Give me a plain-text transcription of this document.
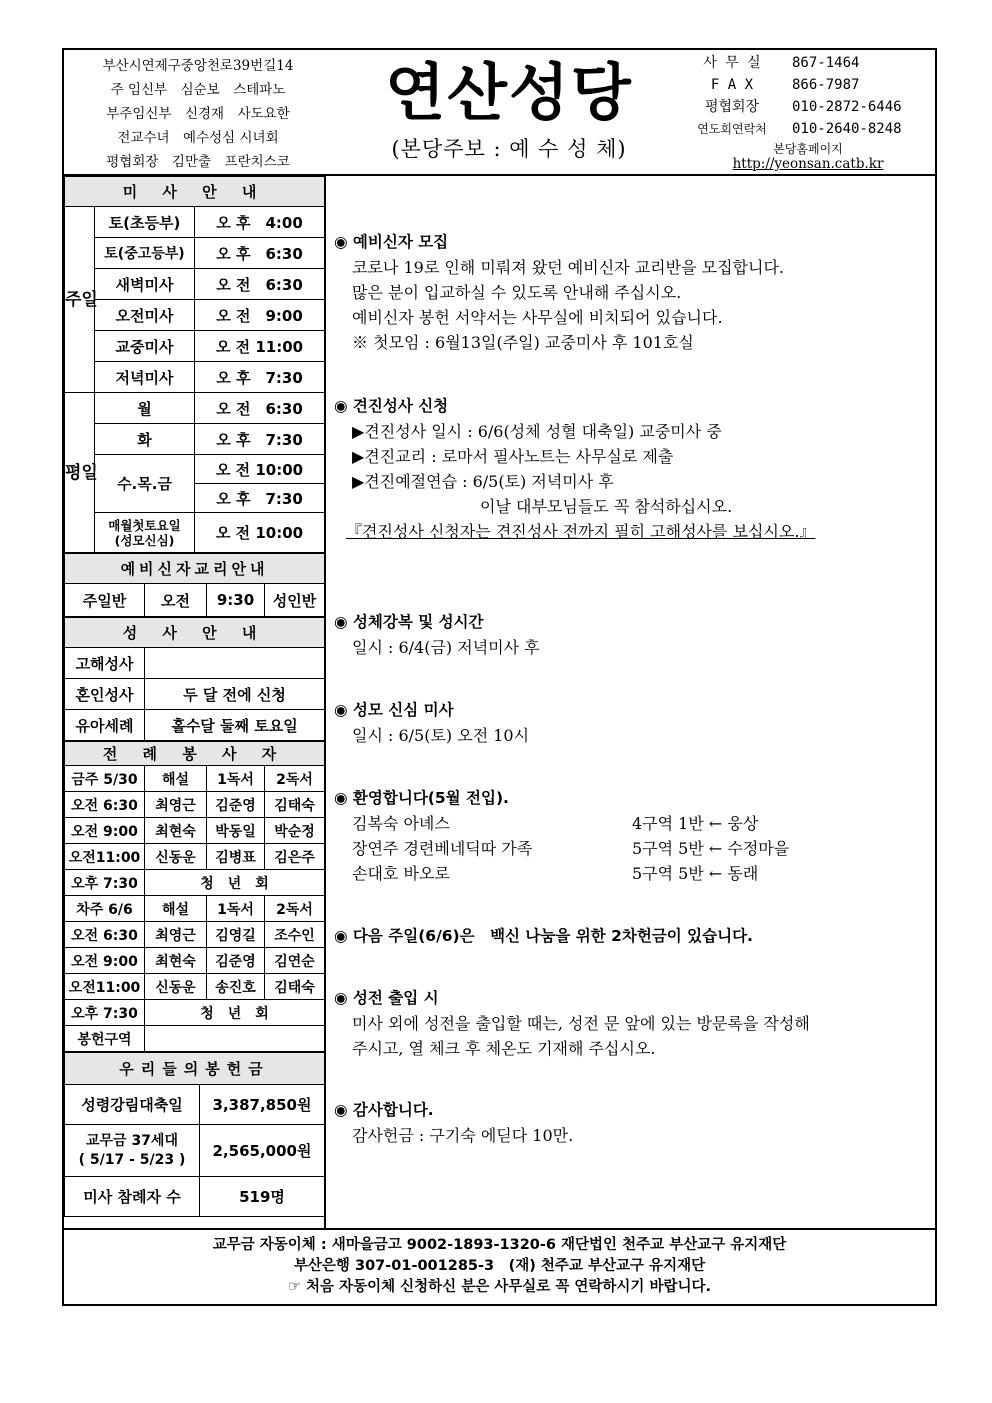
부산시연제구중앙천로39번길14
주 임신부　심순보　스테파노
부주임신부　신경재　사도요한
전교수녀　예수성심 시녀회
평협회장　김만출　프란치스코
연산성당
(본당주보 : 예 수 성 체)
사 무 실	867-1464
F A X	866-7987
평협회장	010-2872-6446
연도회연락처	010-2640-8248
본당홈페이지
http://yeonsan.catb.kr
미 사 안 내		
주일	토(초등부)	오 후　4:00
	토(중고등부)	오 후　6:30
	새벽미사	오 전　6:30
	오전미사	오 전　9:00
	교중미사	오 전 11:00
	저녁미사	오 후　7:30
평일	월	오 전　6:30
	화	오 후　7:30
	수.목.금	오 전 10:00
		오 후　7:30
	매월첫토요일
(성모신심)	오 전 10:00
예비신자교리안내
주일반	오전	9:30	성인반
성 사 안 내	
고해성사	
혼인성사	두 달 전에 신청
유아세례	홀수달 둘째 토요일
전 례 봉 사 자			
금주 5/30	해설	1독서	2독서
오전 6:30	최영근	김준영	김태숙
오전 9:00	최현숙	박동일	박순정
오전11:00	신동운	김병표	김은주
오후 7:30	청　년　회		
차주 6/6	해설	1독서	2독서
오전 6:30	최영근	김영길	조수인
오전 9:00	최현숙	김준영	김연순
오전11:00	신동운	송진호	김태숙
오후 7:30	청　년　회		
봉헌구역			
우리들의봉헌금	
성령강림대축일	3,387,850원
교무금 37세대
( 5/17 - 5/23 )	2,565,000원
미사 참례자 수	519명
◉ 예비신자 모집
코로나 19로 인해 미뤄져 왔던 예비신자 교리반을 모집합니다.
많은 분이 입교하실 수 있도록 안내해 주십시오.
예비신자 봉헌 서약서는 사무실에 비치되어 있습니다.
※ 첫모임 : 6월13일(주일) 교중미사 후 101호실
◉ 견진성사 신청
▶견진성사 일시 : 6/6(성체 성혈 대축일) 교중미사 중
▶견진교리 : 로마서 필사노트는 사무실로 제출
▶견진예절연습 : 6/5(토) 저녁미사 후
　　　　　　　　이날 대부모님들도 꼭 참석하십시오.
『견진성사 신청자는 견진성사 전까지 필히 고해성사를 보십시오.』
◉ 성체강복 및 성시간
일시 : 6/4(금) 저녁미사 후
◉ 성모 신심 미사
일시 : 6/5(토) 오전 10시
◉ 환영합니다(5월 전입).
김복숙 아녜스	4구역 1반 ← 웅상
장연주 경련베네딕따 가족	5구역 5반 ← 수정마을
손대호 바오로	5구역 5반 ← 동래
◉ 다음 주일(6/6)은　백신 나눔을 위한 2차헌금이 있습니다.
◉ 성전 출입 시
미사 외에 성전을 출입할 때는, 성전 문 앞에 있는 방문록을 작성해
주시고, 열 체크 후 체온도 기재해 주십시오.
◉ 감사합니다.
감사헌금 : 구기숙 에딛다 10만.
교무금 자동이체 : 새마을금고 9002-1893-1320-6 재단법인 천주교 부산교구 유지재단
부산은행 307-01-001285-3　(재) 천주교 부산교구 유지재단
☞ 처음 자동이체 신청하신 분은 사무실로 꼭 연락하시기 바랍니다.
